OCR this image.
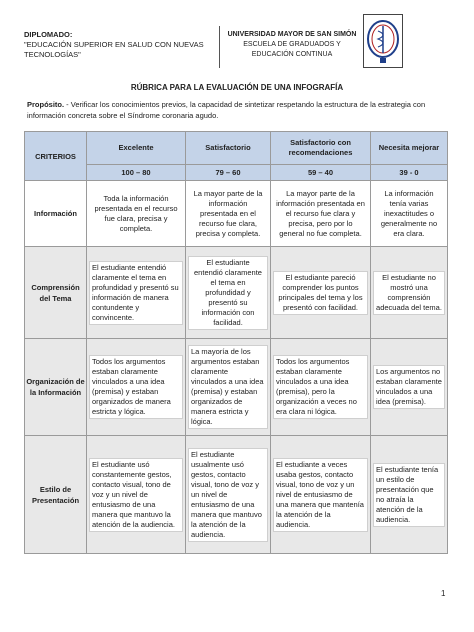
DIPLOMADO:
"EDUCACIÓN SUPERIOR EN SALUD CON NUEVAS TECNOLOGÍAS"
UNIVERSIDAD MAYOR DE SAN SIMÓN
ESCUELA DE GRADUADOS Y EDUCACIÓN CONTINUA
RÚBRICA PARA LA EVALUACIÓN DE UNA INFOGRAFÍA
Propósito. - Verificar los conocimientos previos, la capacidad de sintetizar respetando la estructura de la estrategia con información concreta sobre el Síndrome coronaria agudo.
CRITERIOS	Excelente	Satisfactorio	Satisfactorio con recomendaciones	Necesita mejorar
	100 – 80	79 – 60	59 – 40	39 - 0
Información	Toda la información presentada en el recurso fue clara, precisa y completa.	La mayor parte de la información presentada en el recurso fue clara, precisa y completa.	La mayor parte de la información presentada en el recurso fue clara y precisa, pero por lo general no fue completa.	La información tenía varias inexactitudes o generalmente no era clara.

Comprensión del Tema	El estudiante entendió claramente el tema en profundidad y presentó su información de manera contundente y convincente.	El estudiante entendió claramente el tema en profundidad y presentó su información con facilidad.	El estudiante pareció comprender los puntos principales del tema y los presentó con facilidad.	El estudiante no mostró una comprensión adecuada del tema.

Organización de la Información	Todos los argumentos estaban claramente vinculados a una idea (premisa) y estaban organizados de manera estricta y lógica.	La mayoría de los argumentos estaban claramente vinculados a una idea (premisa) y estaban organizados de manera estricta y lógica.	Todos los argumentos estaban claramente vinculados a una idea (premisa), pero la organización a veces no era clara ni lógica.	Los argumentos no estaban claramente vinculados a una idea (premisa).

Estilo de Presentación	El estudiante usó constantemente gestos, contacto visual, tono de voz y un nivel de entusiasmo de una manera que mantuvo la atención de la audiencia.	El estudiante usualmente usó gestos, contacto visual, tono de voz y un nivel de entusiasmo de una manera que mantuvo la atención de la audiencia.	El estudiante a veces usaba gestos, contacto visual, tono de voz y un nivel de entusiasmo de una manera que mantenía la atención de la audiencia.	El estudiante tenía un estilo de presentación que no atraía la atención de la audiencia.
1
